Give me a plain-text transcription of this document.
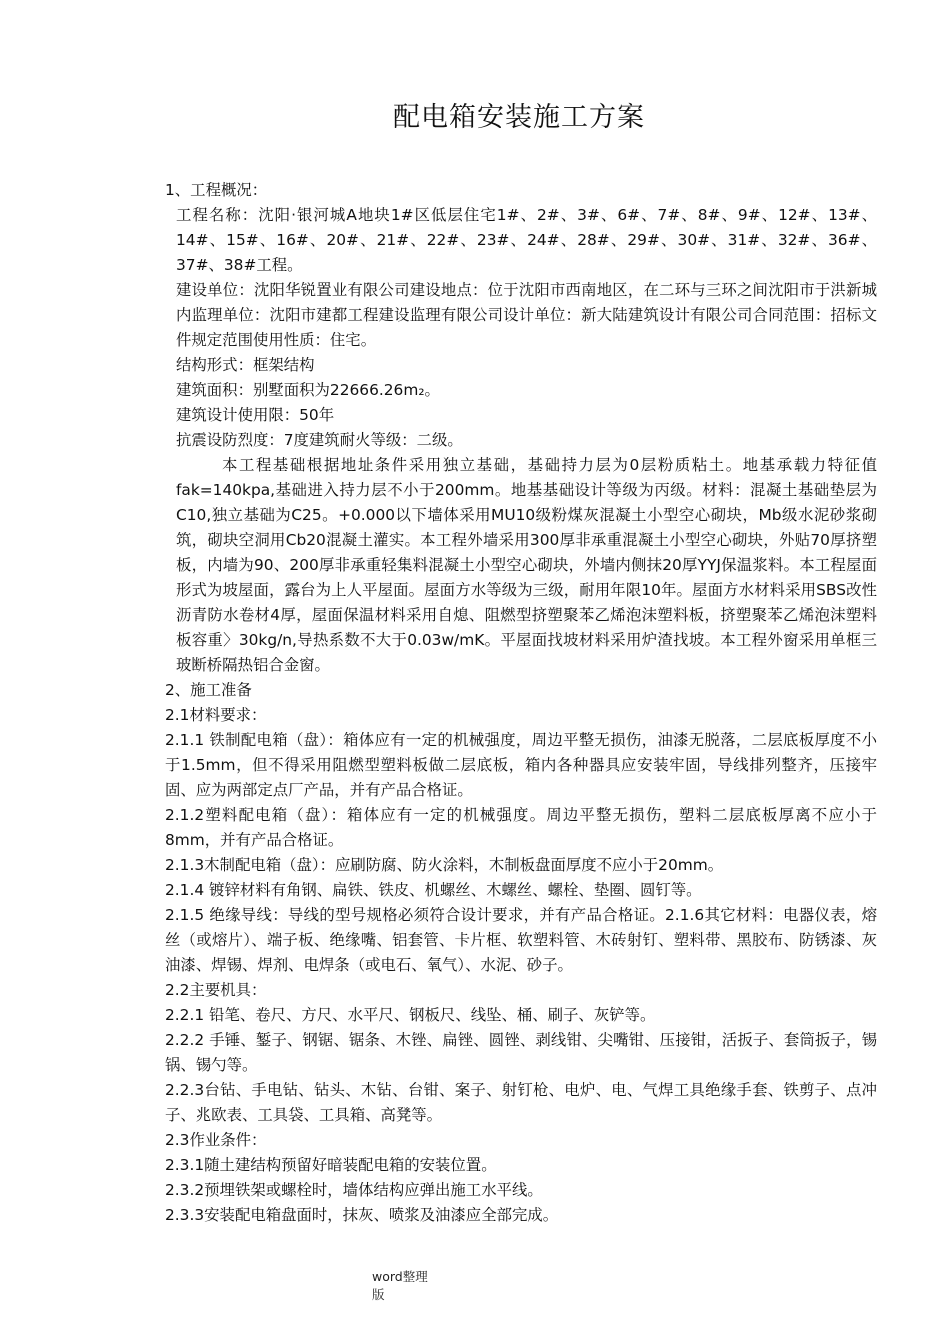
配电箱安装施工方案

1、工程概况：

工程名称：沈阳·银河城A地块1#区低层住宅1#、2#、3#、6#、7#、8#、9#、12#、13#、14#、15#、16#、20#、21#、22#、23#、24#、28#、29#、30#、31#、32#、36#、37#、38#工程。

建设单位：沈阳华锐置业有限公司建设地点：位于沈阳市西南地区，在二环与三环之间沈阳市于洪新城内监理单位：沈阳市建都工程建设监理有限公司设计单位：新大陆建筑设计有限公司合同范围：招标文件规定范围使用性质：住宅。

结构形式：框架结构

建筑面积：别墅面积为22666.26m₂。

建筑设计使用限：50年

抗震设防烈度：7度建筑耐火等级：二级。

本工程基础根据地址条件采用独立基础，基础持力层为0层粉质粘土。地基承载力特征值fak=140kpa,基础进入持力层不小于200mm。地基基础设计等级为丙级。材料：混凝土基础垫层为C10,独立基础为C25。+0.000以下墙体采用MU10级粉煤灰混凝土小型空心砌块，Mb级水泥砂浆砌筑，砌块空洞用Cb20混凝土灌实。本工程外墙采用300厚非承重混凝土小型空心砌块，外贴70厚挤塑板，内墙为90、200厚非承重轻集料混凝土小型空心砌块，外墙内侧抹20厚YYJ保温浆料。本工程屋面形式为坡屋面，露台为上人平屋面。屋面方水等级为三级，耐用年限10年。屋面方水材料采用SBS改性沥青防水卷材4厚，屋面保温材料采用自熄、阻燃型挤塑聚苯乙烯泡沫塑料板，挤塑聚苯乙烯泡沫塑料板容重〉30kg/n,导热系数不大于0.03w/mK。平屋面找坡材料采用炉渣找坡。本工程外窗采用单框三玻断桥隔热铝合金窗。

2、施工准备

2.1材料要求：

2.1.1 铁制配电箱（盘）：箱体应有一定的机械强度，周边平整无损伤，油漆无脱落，二层底板厚度不小于1.5mm，但不得采用阻燃型塑料板做二层底板，箱内各种器具应安装牢固，导线排列整齐，压接牢固、应为两部定点厂产品，并有产品合格证。

2.1.2塑料配电箱（盘）：箱体应有一定的机械强度。周边平整无损伤，塑料二层底板厚离不应小于8mm，并有产品合格证。

2.1.3木制配电箱（盘）：应刷防腐、防火涂料，木制板盘面厚度不应小于20mm。

2.1.4 镀锌材料有角钢、扁铁、铁皮、机螺丝、木螺丝、螺栓、垫圈、圆钉等。

2.1.5 绝缘导线：导线的型号规格必须符合设计要求，并有产品合格证。2.1.6其它材料：电器仪表，熔丝（或熔片）、端子板、绝缘嘴、铝套管、卡片框、软塑料管、木砖射钉、塑料带、黑胶布、防锈漆、灰油漆、焊锡、焊剂、电焊条（或电石、氧气）、水泥、砂子。

2.2主要机具：

2.2.1 铅笔、卷尺、方尺、水平尺、钢板尺、线坠、桶、刷子、灰铲等。

2.2.2 手锤、錾子、钢锯、锯条、木锉、扁锉、圆锉、剥线钳、尖嘴钳、压接钳，活扳子、套筒扳子，锡锅、锡勺等。

2.2.3台钻、手电钻、钻头、木钻、台钳、案子、射钉枪、电炉、电、气焊工具绝缘手套、铁剪子、点冲子、兆欧表、工具袋、工具箱、高凳等。

2.3作业条件：

2.3.1随土建结构预留好暗装配电箱的安装位置。

2.3.2预埋铁架或螺栓时，墙体结构应弹出施工水平线。

2.3.3安装配电箱盘面时，抹灰、喷浆及油漆应全部完成。

word整理
版
